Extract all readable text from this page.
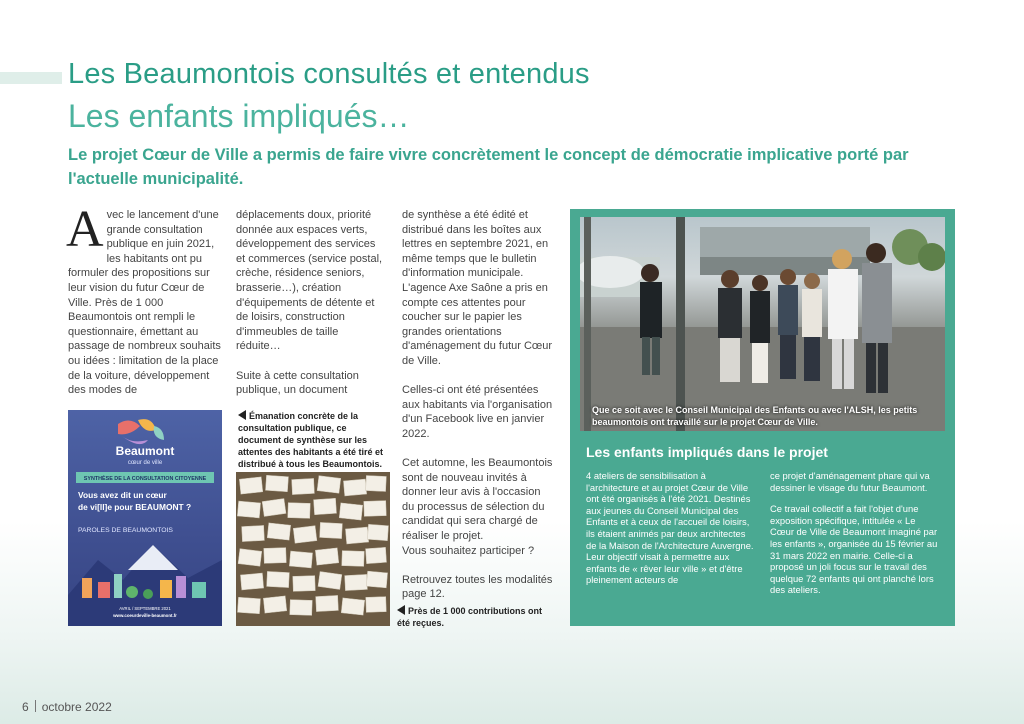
Les Beaumontois consultés et entendus
Les enfants impliqués…
Le projet Cœur de Ville a permis de faire vivre concrètement le concept de démocratie implicative porté par l'actuelle municipalité.
Avec le lancement d'une grande consultation publique en juin 2021, les habitants ont pu formuler des propositions sur leur vision du futur Cœur de Ville. Près de 1 000 Beaumontois ont rempli le questionnaire, émettant au passage de nombreux souhaits ou idées : limitation de la place de la voiture, développement des modes de
déplacements doux, priorité donnée aux espaces verts, développement des services et commerces (service postal, crèche, résidence seniors, brasserie…), création d'équipements de détente et de loisirs, construction d'immeubles de taille réduite…

Suite à cette consultation publique, un document
de synthèse a été édité et distribué dans les boîtes aux lettres en septembre 2021, en même temps que le bulletin d'information municipale. L'agence Axe Saône a pris en compte ces attentes pour coucher sur le papier les grandes orientations d'aménagement du futur Cœur de Ville.

Celles-ci ont été présentées aux habitants via l'organisation d'un Facebook live en janvier 2022.

Cet automne, les Beaumontois sont de nouveau invités à donner leur avis à l'occasion du processus de sélection du candidat qui sera chargé de réaliser le projet.
Vous souhaitez participer ?

Retrouvez toutes les modalités page 12.
Beaumont
cœur de ville
SYNTHÈSE DE LA CONSULTATION CITOYENNE
Vous avez dit un cœur
de vi[ll]e pour BEAUMONT ?
PAROLES DE BEAUMONTOIS
AVRIL / SEPTEMBRE 2021
www.coeurdeville-beaumont.fr
Émanation concrète de la consultation publique, ce document de synthèse sur les attentes des habitants a été tiré et distribué à tous les Beaumontois.
Près de 1 000 contributions ont été reçues.
Que ce soit avec le Conseil Municipal des Enfants ou avec l'ALSH, les petits beaumontois ont travaillé sur le projet Cœur de Ville.
Les enfants impliqués dans le projet
4 ateliers de sensibilisation à l'architecture et au projet Cœur de Ville ont été organisés à l'été 2021. Destinés aux jeunes du Conseil Municipal des Enfants et à ceux de l'accueil de loisirs, ils étaient animés par deux architectes de la Maison de l'Architecture Auvergne. Leur objectif visait à permettre aux enfants de « rêver leur ville » et d'être pleinement acteurs de
ce projet d'aménagement phare qui va dessiner le visage du futur Beaumont.
Ce travail collectif a fait l'objet d'une exposition spécifique, intitulée « Le Cœur de Ville de Beaumont imaginé par les enfants », organisée du 15 février au 31 mars 2022 en mairie. Celle-ci a proposé un joli focus sur le travail des quelque 72 enfants qui ont planché lors des ateliers.
6 octobre 2022
